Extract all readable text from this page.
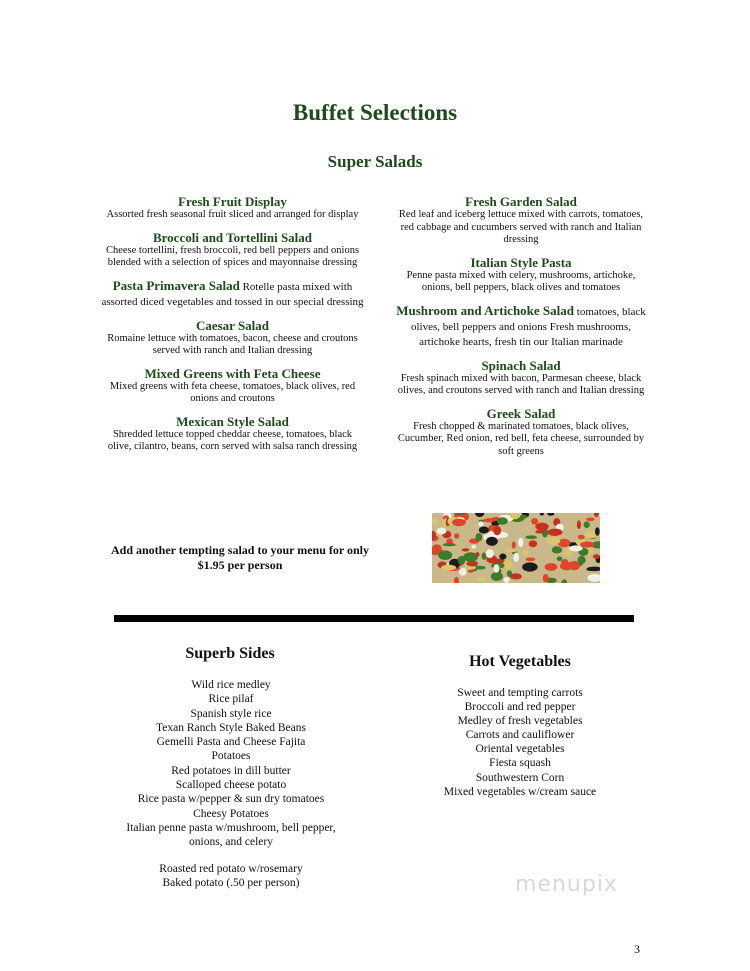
Buffet Selections
Super Salads
Fresh Fruit Display
Assorted fresh seasonal fruit sliced and arranged for display
Broccoli and Tortellini Salad
Cheese tortellini, fresh broccoli, red bell peppers and onions blended with a selection of spices and mayonnaise dressing
Pasta Primavera Salad Rotelle pasta mixed with assorted diced vegetables and tossed in our special dressing
Caesar Salad
Romaine lettuce with tomatoes, bacon, cheese and croutons served with ranch and Italian dressing
Mixed Greens with Feta Cheese
Mixed greens with feta cheese, tomatoes, black olives, red onions and croutons
Mexican Style Salad
Shredded lettuce topped cheddar cheese, tomatoes, black olive, cilantro, beans, corn served with salsa ranch dressing
Fresh Garden Salad
Red leaf and iceberg lettuce mixed with carrots, tomatoes, red cabbage and cucumbers served with ranch and Italian dressing
Italian Style Pasta
Penne pasta mixed with celery, mushrooms, artichoke, onions, bell peppers, black olives and tomatoes
Mushroom and Artichoke Salad tomatoes, black olives, bell peppers and onions Fresh mushrooms, artichoke hearts, fresh tin our Italian marinade
Spinach Salad
Fresh spinach mixed with bacon, Parmesan cheese, black olives, and croutons served with ranch and Italian dressing
Greek Salad
Fresh chopped & marinated tomatoes, black olives, Cucumber, Red onion, red bell, feta cheese, surrounded by soft greens
Add another tempting salad to your menu for only $1.95 per person
Superb Sides
Wild rice medley
Rice pilaf
Spanish style rice
Texan Ranch Style Baked Beans
Gemelli Pasta and Cheese Fajita
Potatoes
Red potatoes in dill butter
Scalloped cheese potato
Rice pasta w/pepper & sun dry tomatoes
Cheesy Potatoes
Italian penne pasta w/mushroom, bell pepper,
onions, and celery
Roasted red potato w/rosemary
Baked potato (.50 per person)
Hot Vegetables
Sweet and tempting carrots
Broccoli and red pepper
Medley of fresh vegetables
Carrots and cauliflower
Oriental vegetables
Fiesta squash
Southwestern Corn
Mixed vegetables w/cream sauce
menupix
3
